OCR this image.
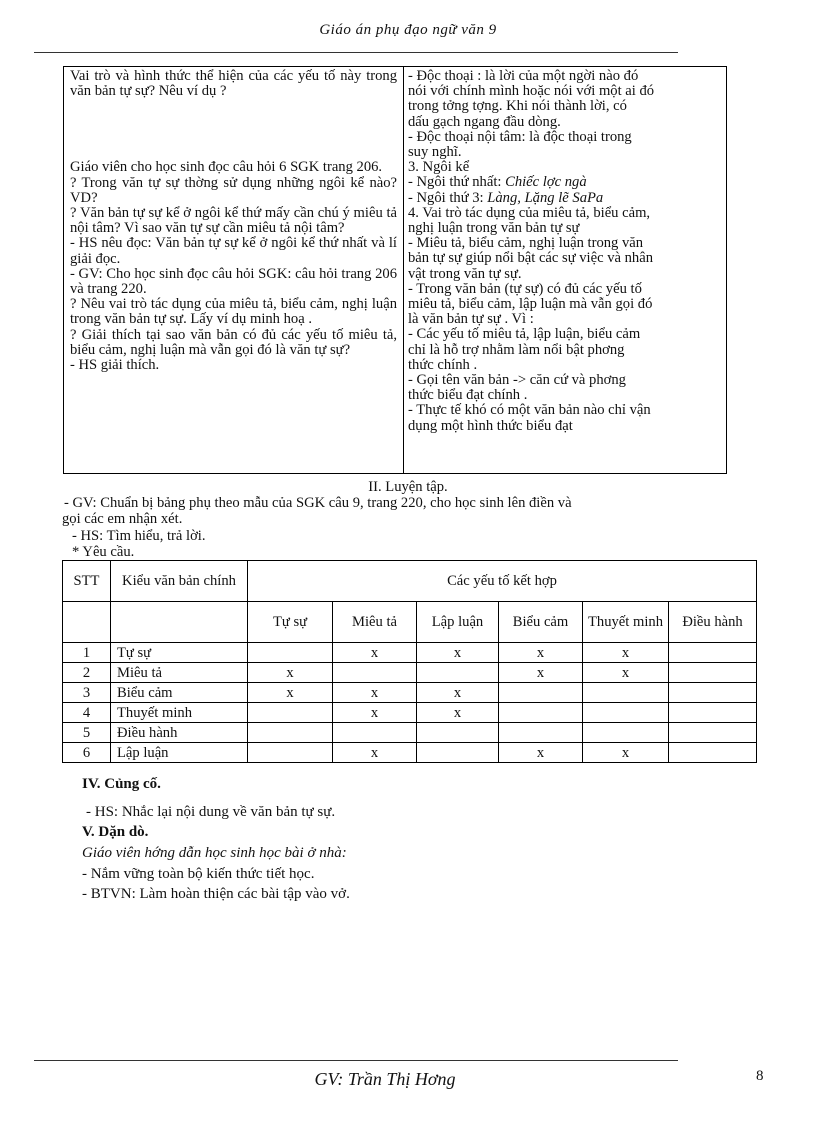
Giáo án phụ đạo ngữ văn 9
Vai trò và hình thức thể hiện của các yếu tố này trong văn bản tự sự? Nêu ví dụ ?
Giáo viên cho học sinh đọc câu hỏi 6 SGK trang 206.
? Trong văn tự sự thờng sử dụng những ngôi kể nào? VD?
? Văn bản tự sự kể ở ngôi kể thứ mấy cần chú ý miêu tả nội tâm? Vì sao văn tự sự cần miêu tả nội tâm?
- HS nêu đọc: Văn bản tự sự kể ở ngôi kể thứ nhất và lí giải đọc.
- GV: Cho học sinh đọc câu hỏi SGK: câu hỏi trang 206 và trang 220.
? Nêu vai trò tác dụng của miêu tả, biểu cảm, nghị luận trong văn bản tự sự. Lấy ví dụ minh hoạ .
? Giải thích tại sao văn bản có đủ các yếu tố miêu tả, biểu cảm, nghị luận mà vẫn gọi đó là văn tự sự?
- HS giải thích.
- Độc thoại : là lời của một ngời nào đó
nói với chính mình hoặc nói với một ai đó
trong tởng tợng. Khi nói thành lời, có
dấu gạch ngang đầu dòng.
- Độc thoại nội tâm: là độc thoại trong
suy nghĩ.
3. Ngôi kể
- Ngôi thứ nhất: Chiếc lợc ngà
- Ngôi thứ 3: Làng, Lặng lẽ SaPa
4. Vai trò tác dụng của miêu tả, biểu cảm,
nghị luận trong văn bản tự sự
- Miêu tả, biểu cảm, nghị luận trong văn
bản tự sự giúp nổi bật các sự việc và nhân
vật trong văn tự sự.
- Trong văn bản (tự sự) có đủ các yếu tố
miêu tả, biểu cảm, lập luận mà vẫn gọi đó
là văn bản tự sự . Vì :
- Các yếu tố miêu tả, lập luận, biểu cảm
chỉ là hỗ trợ nhằm làm nổi bật phơng
thức chính .
- Gọi tên văn bản -> căn cứ và phơng
thức biểu đạt chính .
- Thực tế khó có một văn bản nào chỉ vận
dụng một hình thức biểu đạt
II. Luyện tập.
- GV: Chuẩn bị bảng phụ theo mẫu của SGK câu 9, trang 220, cho học sinh lên điền và
gọi các em nhận xét.
- HS: Tìm hiểu, trả lời.
* Yêu cầu.
STT	Kiểu văn bản chính	Các yếu tố kết hợp					
		Tự sự	Miêu tả	Lập luận	Biểu cảm	Thuyết minh	Điều hành
1	Tự sự		x	x	x	x	
2	Miêu tả	x			x	x	
3	Biểu cảm	x	x	x			
4	Thuyết minh		x	x			
5	Điều hành						
6	Lập luận		x		x	x	
IV. Củng cố.
- HS: Nhắc lại nội dung về văn bản tự sự.
V. Dặn dò.
Giáo viên hớng dẫn học sinh học bài ở nhà:
- Nắm vững toàn bộ kiến thức tiết học.
- BTVN: Làm hoàn thiện các bài tập vào vở.
GV: Trần Thị Hơng	8
